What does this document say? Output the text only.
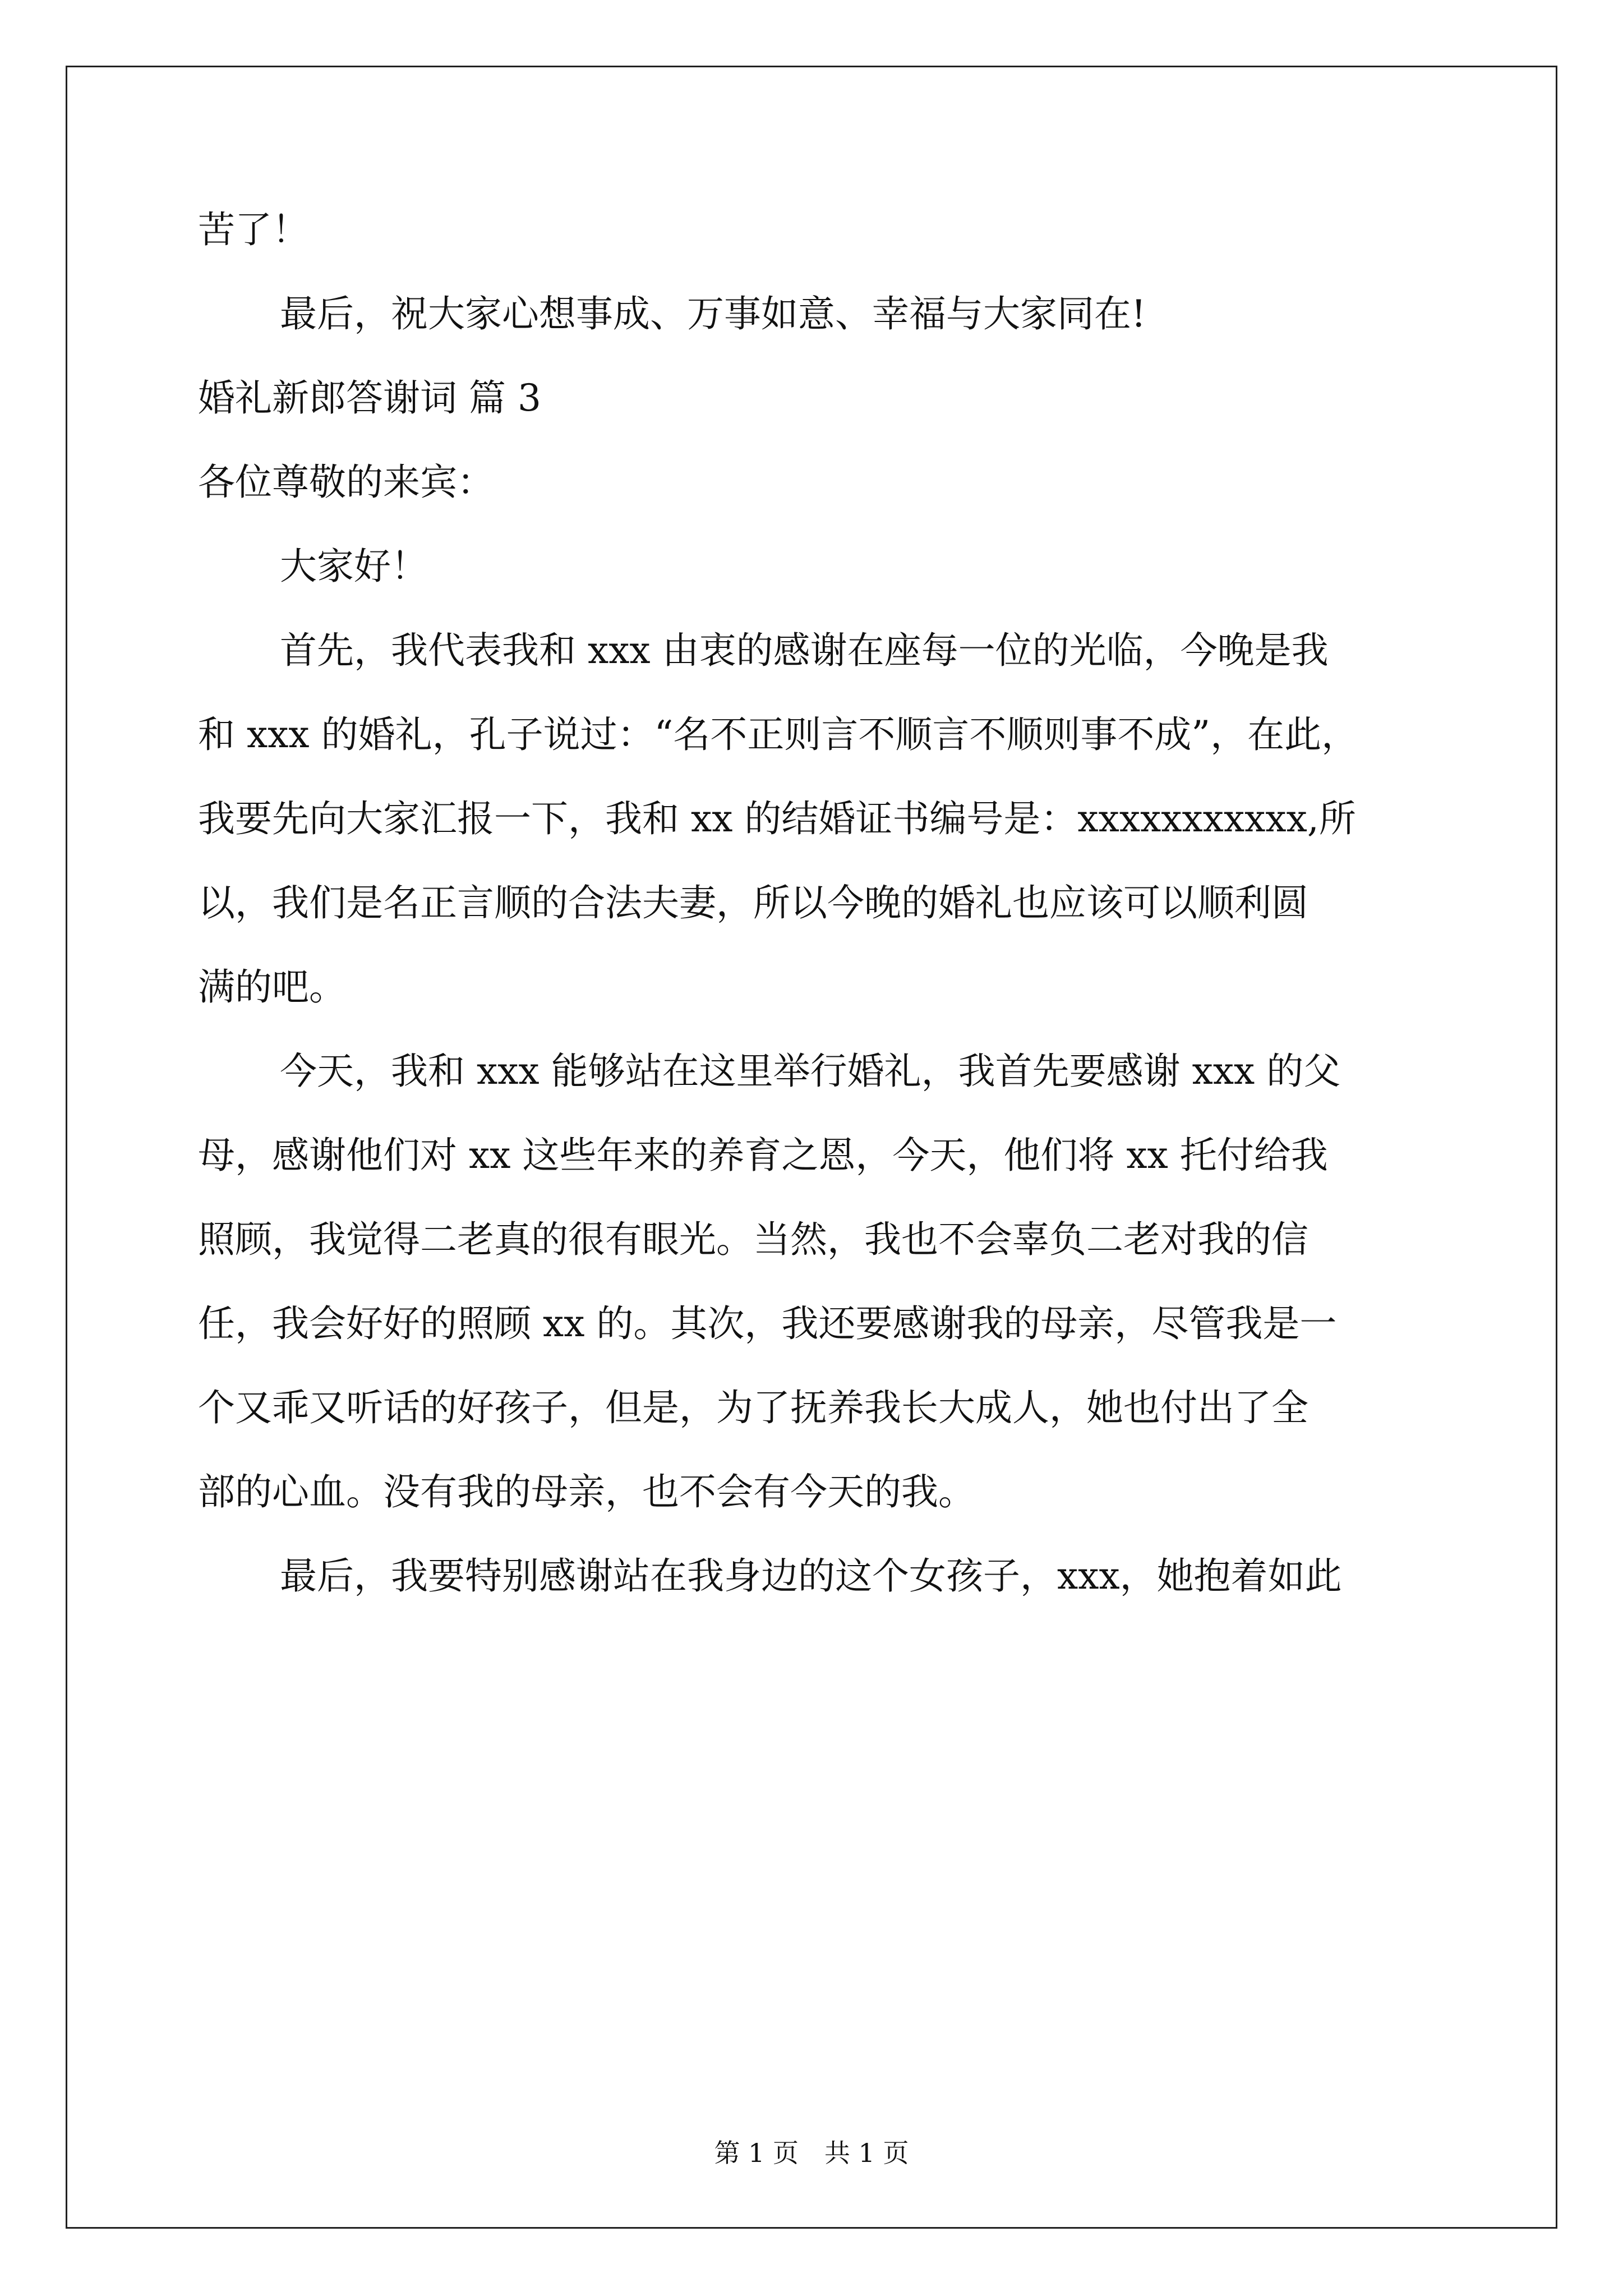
苦了！
最后，祝大家心想事成、万事如意、幸福与大家同在!
婚礼新郎答谢词 篇 3
各位尊敬的来宾：
大家好！
首先，我代表我和 xxx 由衷的感谢在座每一位的光临，今晚是我
和 xxx 的婚礼，孔子说过：“名不正则言不顺言不顺则事不成”，在此，
我要先向大家汇报一下，我和 xx 的结婚证书编号是：xxxxxxxxxxx,所
以，我们是名正言顺的合法夫妻，所以今晚的婚礼也应该可以顺利圆
满的吧。
今天，我和 xxx 能够站在这里举行婚礼，我首先要感谢 xxx 的父
母，感谢他们对 xx 这些年来的养育之恩，今天，他们将 xx 托付给我
照顾，我觉得二老真的很有眼光。当然，我也不会辜负二老对我的信
任，我会好好的照顾 xx 的。其次，我还要感谢我的母亲，尽管我是一
个又乖又听话的好孩子，但是，为了抚养我长大成人，她也付出了全
部的心血。没有我的母亲，也不会有今天的我。
最后，我要特别感谢站在我身边的这个女孩子，xxx，她抱着如此
第 1 页　共 1 页
